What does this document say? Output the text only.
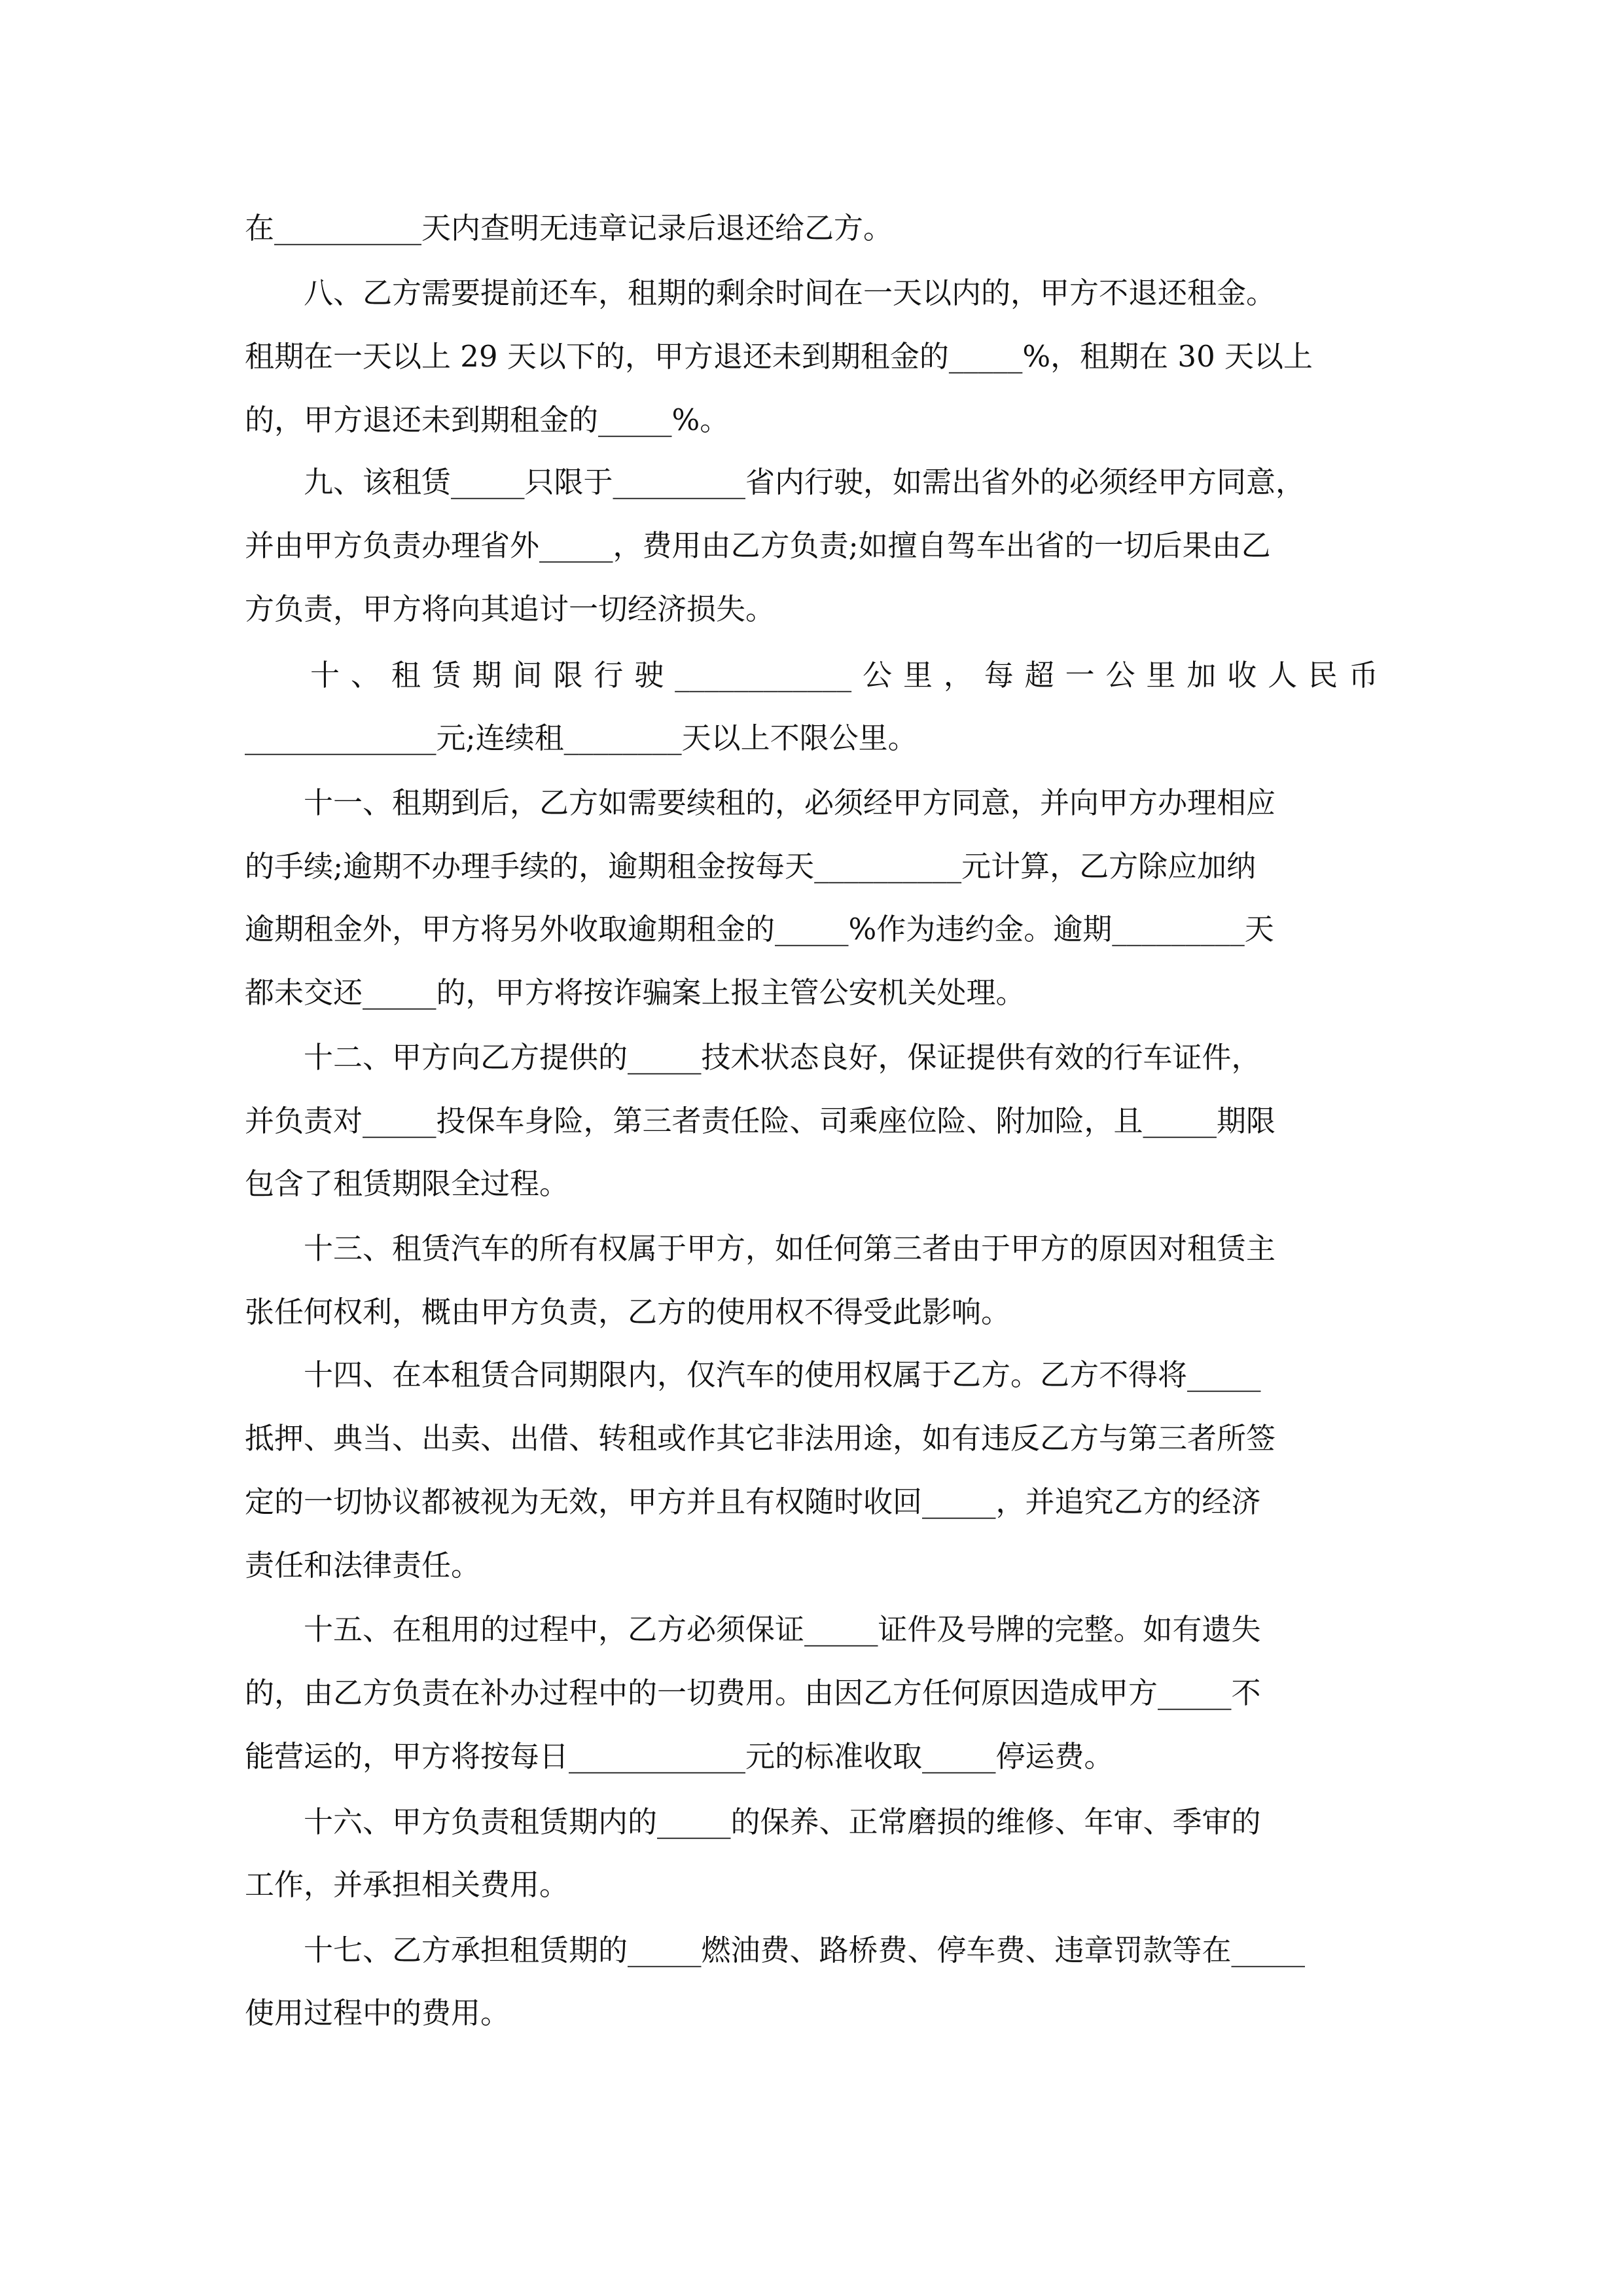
在__________天内查明无违章记录后退还给乙方。
　　八、乙方需要提前还车，租期的剩余时间在一天以内的，甲方不退还租金。
租期在一天以上 29 天以下的，甲方退还未到期租金的_____%，租期在 30 天以上
的，甲方退还未到期租金的_____%。
　　九、该租赁_____只限于_________省内行驶，如需出省外的必须经甲方同意，
并由甲方负责办理省外_____，费用由乙方负责;如擅自驾车出省的一切后果由乙
方负责，甲方将向其追讨一切经济损失。
十 、 租 赁 期 间 限 行 驶 ____________ 公 里 ， 每 超 一 公 里 加 收 人 民 币
_____________元;连续租________天以上不限公里。
　　十一、租期到后，乙方如需要续租的，必须经甲方同意，并向甲方办理相应
的手续;逾期不办理手续的，逾期租金按每天__________元计算，乙方除应加纳
逾期租金外，甲方将另外收取逾期租金的_____%作为违约金。逾期_________天
都未交还_____的，甲方将按诈骗案上报主管公安机关处理。
　　十二、甲方向乙方提供的_____技术状态良好，保证提供有效的行车证件，
并负责对_____投保车身险，第三者责任险、司乘座位险、附加险，且_____期限
包含了租赁期限全过程。
　　十三、租赁汽车的所有权属于甲方，如任何第三者由于甲方的原因对租赁主
张任何权利，概由甲方负责，乙方的使用权不得受此影响。
　　十四、在本租赁合同期限内，仅汽车的使用权属于乙方。乙方不得将_____
抵押、典当、出卖、出借、转租或作其它非法用途，如有违反乙方与第三者所签
定的一切协议都被视为无效，甲方并且有权随时收回_____，并追究乙方的经济
责任和法律责任。
　　十五、在租用的过程中，乙方必须保证_____证件及号牌的完整。如有遗失
的，由乙方负责在补办过程中的一切费用。由因乙方任何原因造成甲方_____不
能营运的，甲方将按每日____________元的标准收取_____停运费。
　　十六、甲方负责租赁期内的_____的保养、正常磨损的维修、年审、季审的
工作，并承担相关费用。
　　十七、乙方承担租赁期的_____燃油费、路桥费、停车费、违章罚款等在_____
使用过程中的费用。
